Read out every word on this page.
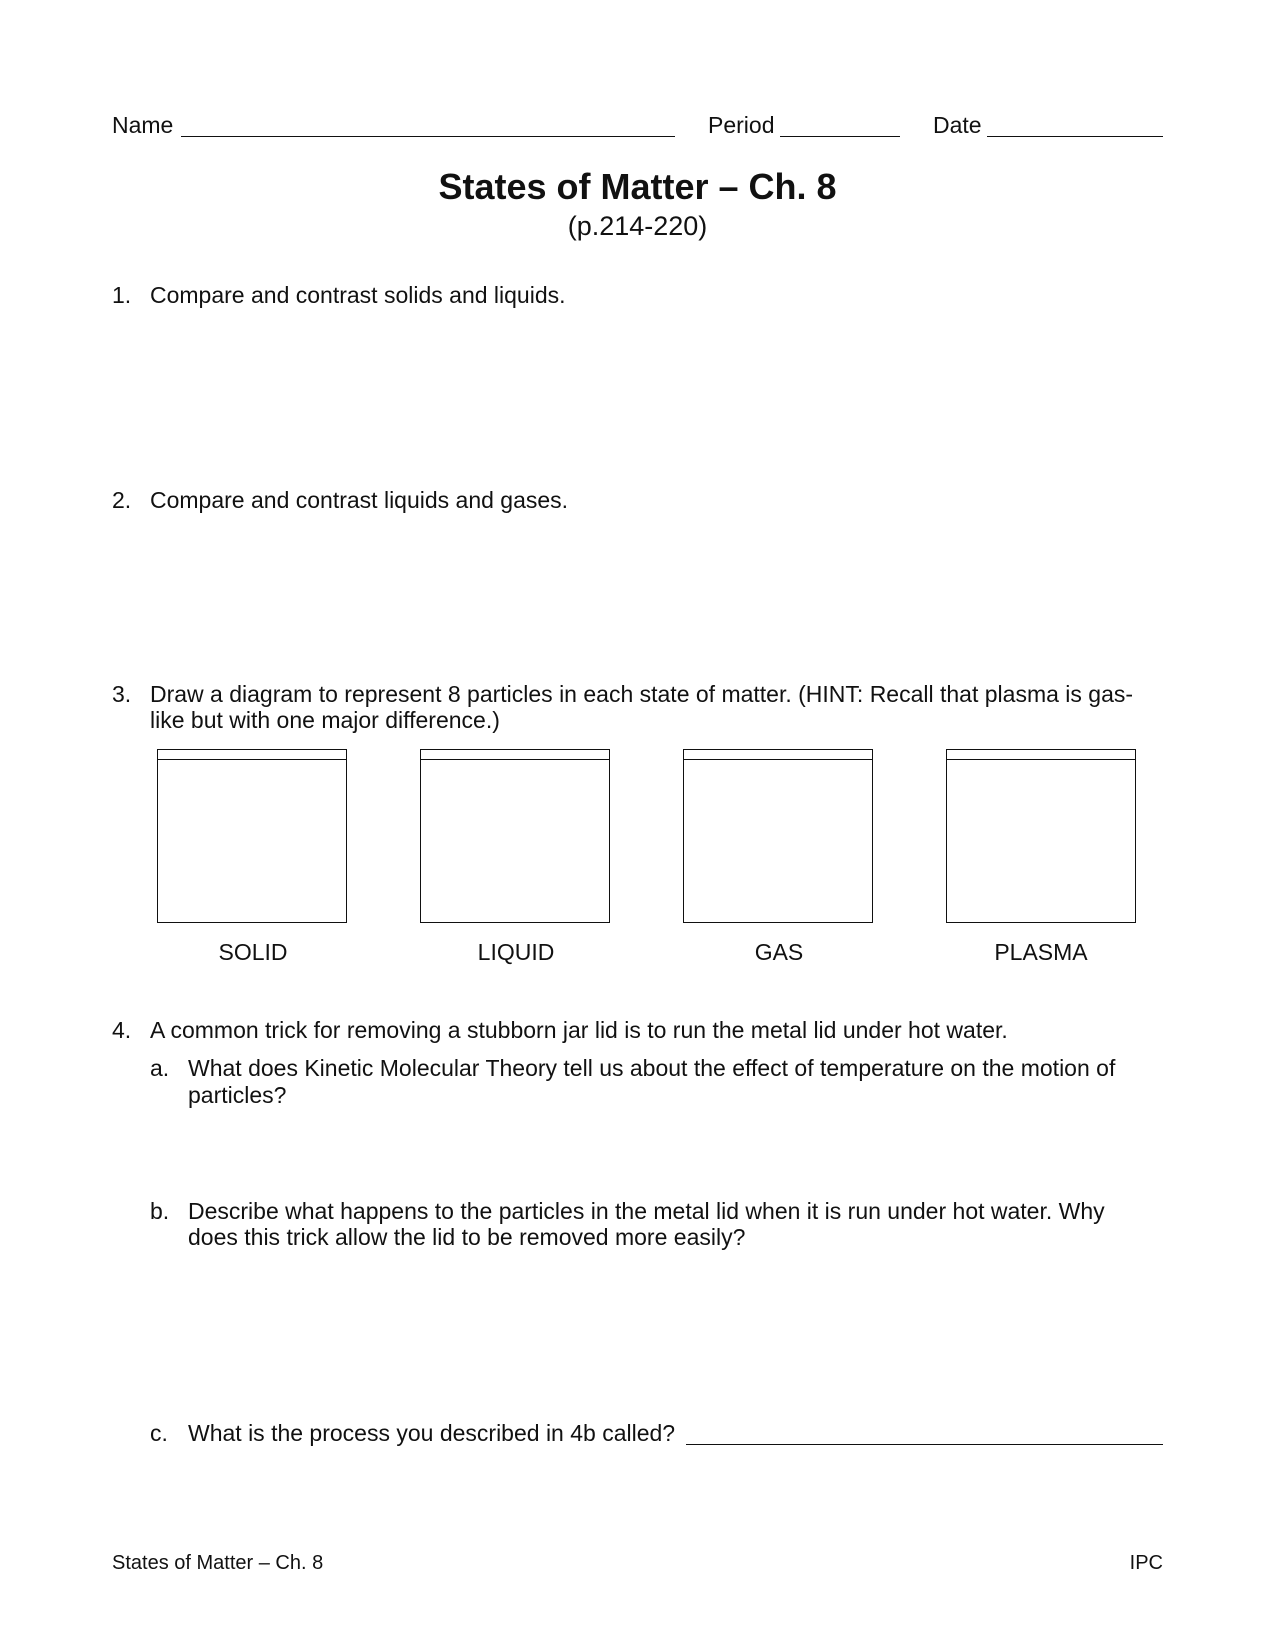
Name	Period	Date
States of Matter – Ch. 8
(p.214-220)
1. Compare and contrast solids and liquids.
2. Compare and contrast liquids and gases.
3. Draw a diagram to represent 8 particles in each state of matter. (HINT: Recall that plasma is gas-
like but with one major difference.)
SOLID	LIQUID	GAS	PLASMA
4. A common trick for removing a stubborn jar lid is to run the metal lid under hot water.
a. What does Kinetic Molecular Theory tell us about the effect of temperature on the motion of
particles?
b. Describe what happens to the particles in the metal lid when it is run under hot water. Why
does this trick allow the lid to be removed more easily?
c. What is the process you described in 4b called?
States of Matter – Ch. 8	IPC
